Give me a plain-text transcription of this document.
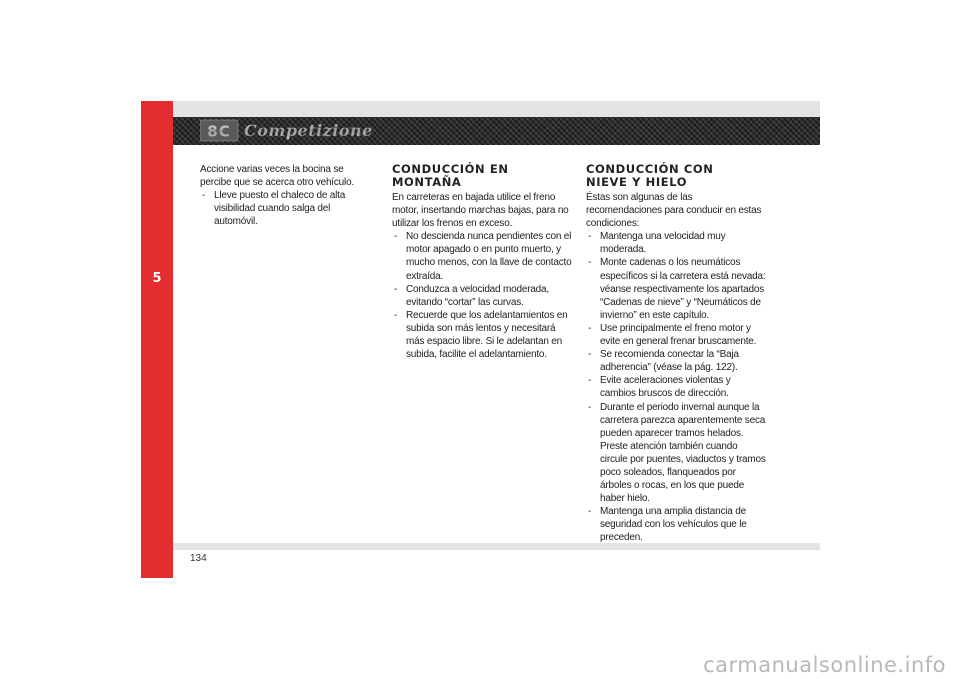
5
8C Competizione

Accione varias veces la bocina se percibe que se acerca otro vehículo.

- Lleve puesto el chaleco de alta visibilidad cuando salga del automóvil.
CONDUCCIÓN EN
MONTAÑA

En carreteras en bajada utilice el freno motor, insertando marchas bajas, para no utilizar los frenos en exceso.

- No descienda nunca pendientes con el motor apagado o en punto muerto, y mucho menos, con la llave de contacto extraída.
- Conduzca a velocidad moderada, evitando “cortar” las curvas.
- Recuerde que los adelantamientos en subida son más lentos y necesitará más espacio libre. Si le adelantan en subida, facilite el adelantamiento.
CONDUCCIÓN CON
NIEVE Y HIELO

Éstas son algunas de las recomendaciones para conducir en estas condiciones:

- Mantenga una velocidad muy moderada.
- Monte cadenas o los neumáticos específicos si la carretera está nevada: véanse respectivamente los apartados “Cadenas de nieve” y “Neumáticos de invierno” en este capítulo.
- Use principalmente el freno motor y evite en general frenar bruscamente.
- Se recomienda conectar la “Baja adherencia” (véase la pág. 122).
- Evite aceleraciones violentas y cambios bruscos de dirección.
- Durante el periodo invernal aunque la carretera parezca aparentemente seca pueden aparecer tramos helados. Preste atención también cuando circule por puentes, viaductos y tramos poco soleados, flanqueados por árboles o rocas, en los que puede haber hielo.
- Mantenga una amplia distancia de seguridad con los vehículos que le preceden.
134
carmanualsonline.info
